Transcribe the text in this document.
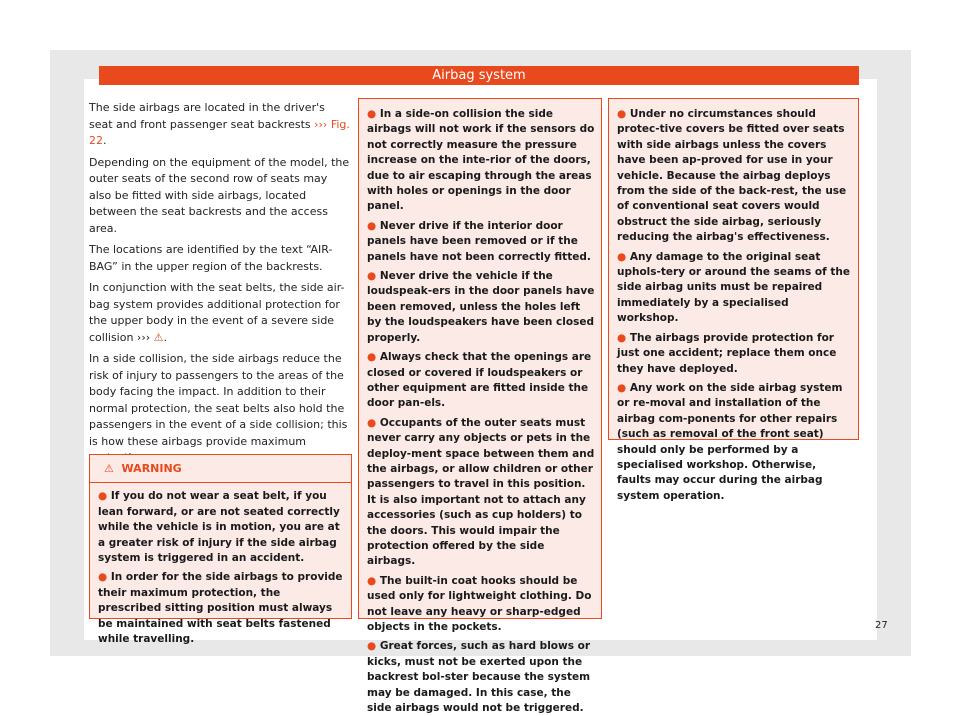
Airbag system

The side airbags are located in the driver's seat and front passenger seat backrests ››› Fig. 22.

Depending on the equipment of the model, the outer seats of the second row of seats may also be fitted with side airbags, located between the seat backrests and the access area.

The locations are identified by the text “AIR-BAG” in the upper region of the backrests.

In conjunction with the seat belts, the side air-bag system provides additional protection for the upper body in the event of a severe side collision ››› ⚠.

In a side collision, the side airbags reduce the risk of injury to passengers to the areas of the body facing the impact. In addition to their normal protection, the seat belts also hold the passengers in the event of a side collision; this is how these airbags provide maximum

⚠ WARNING
● If you do not wear a seat belt, if you lean forward, or are not seated correctly while the vehicle is in motion, you are at a greater risk of injury if the side airbag system is triggered in an accident.
● In order for the side airbags to provide their maximum protection, the prescribed sitting position must always be maintained with seat belts fastened while travelling.
● In a side-on collision the side airbags will not work if the sensors do not correctly measure the pressure increase on the inte-rior of the doors, due to air escaping through the areas with holes or openings in the door panel.
● Never drive if the interior door panels have been removed or if the panels have not been correctly fitted.
● Never drive the vehicle if the loudspeak-ers in the door panels have been removed, unless the holes left by the loudspeakers have been closed properly.
● Always check that the openings are closed or covered if loudspeakers or other equipment are fitted inside the door pan-els.
● Occupants of the outer seats must never carry any objects or pets in the deploy-ment space between them and the airbags, or allow children or other passengers to travel in this position. It is also important not to attach any accessories (such as cup holders) to the doors. This would impair the protection offered by the side airbags.
● The built-in coat hooks should be used only for lightweight clothing. Do not leave any heavy or sharp-edged objects in the pockets.
● Great forces, such as hard blows or kicks, must not be exerted upon the backrest bol-ster because the system may be damaged. In this case, the side airbags would not be triggered.
● Under no circumstances should protec-tive covers be fitted over seats with side airbags unless the covers have been ap-proved for use in your vehicle. Because the airbag deploys from the side of the back-rest, the use of conventional seat covers would obstruct the side airbag, seriously reducing the airbag's effectiveness.
● Any damage to the original seat uphols-tery or around the seams of the side airbag units must be repaired immediately by a specialised workshop.
● The airbags provide protection for just one accident; replace them once they have deployed.
● Any work on the side airbag system or re-moval and installation of the airbag com-ponents for other repairs (such as removal of the front seat) should only be performed by a specialised workshop. Otherwise, faults may occur during the airbag system operation.
27
